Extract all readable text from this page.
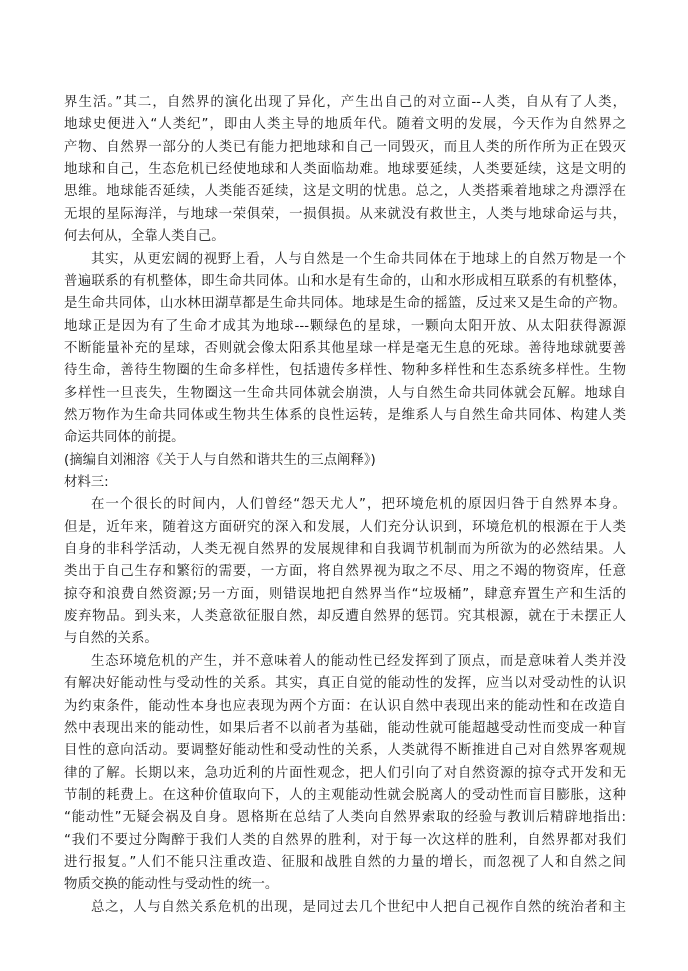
界生活。”其二，自然界的演化出现了异化，产生出自己的对立面--人类，自从有了人类，
地球史便进入“人类纪”，即由人类主导的地质年代。随着文明的发展，今天作为自然界之
产物、自然界一部分的人类已有能力把地球和自己一同毁灭，而且人类的所作所为正在毁灭
地球和自己，生态危机已经使地球和人类面临劫难。地球要延续，人类要延续，这是文明的
思维。地球能否延续，人类能否延续，这是文明的忧患。总之，人类搭乘着地球之舟漂浮在
无垠的星际海洋，与地球一荣俱荣，一损俱损。从来就没有救世主，人类与地球命运与共，
何去何从，全靠人类自己。
其实，从更宏阔的视野上看，人与自然是一个生命共同体在于地球上的自然万物是一个
普遍联系的有机整体，即生命共同体。山和水是有生命的，山和水形成相互联系的有机整体，
是生命共同体，山水林田湖草都是生命共同体。地球是生命的摇篮，反过来又是生命的产物。
地球正是因为有了生命才成其为地球---颗绿色的星球，一颗向太阳开放、从太阳获得源源
不断能量补充的星球，否则就会像太阳系其他星球一样是毫无生息的死球。善待地球就要善
待生命，善待生物圈的生命多样性，包括遗传多样性、物种多样性和生态系统多样性。生物
多样性一旦丧失，生物圈这一生命共同体就会崩溃，人与自然生命共同体就会瓦解。地球自
然万物作为生命共同体或生物共生体系的良性运转，是维系人与自然生命共同体、构建人类
命运共同体的前提。
(摘编自刘湘溶《关于人与自然和谐共生的三点阐释》)
材料三:
在一个很长的时间内，人们曾经“怨天尤人”，把环境危机的原因归咎于自然界本身。
但是，近年来，随着这方面研究的深入和发展，人们充分认识到，环境危机的根源在于人类
自身的非科学活动，人类无视自然界的发展规律和自我调节机制而为所欲为的必然结果。人
类出于自己生存和繁衍的需要，一方面，将自然界视为取之不尽、用之不竭的物资库，任意
掠夺和浪费自然资源;另一方面，则错误地把自然界当作“垃圾桶”，肆意弃置生产和生活的
废弃物品。到头来，人类意欲征服自然，却反遭自然界的惩罚。究其根源，就在于未摆正人
与自然的关系。
生态环境危机的产生，并不意味着人的能动性已经发挥到了顶点，而是意味着人类并没
有解决好能动性与受动性的关系。其实，真正自觉的能动性的发挥，应当以对受动性的认识
为约束条件，能动性本身也应表现为两个方面：在认识自然中表现出来的能动性和在改造自
然中表现出来的能动性，如果后者不以前者为基础，能动性就可能超越受动性而变成一种盲
目性的意向活动。要调整好能动性和受动性的关系，人类就得不断推进自己对自然界客观规
律的了解。长期以来，急功近利的片面性观念，把人们引向了对自然资源的掠夺式开发和无
节制的耗费上。在这种价值取向下，人的主观能动性就会脱离人的受动性而盲目膨胀，这种
“能动性”无疑会祸及自身。恩格斯在总结了人类向自然界索取的经验与教训后精辟地指出:
“我们不要过分陶醉于我们人类的自然界的胜利，对于每一次这样的胜利，自然界都对我们
进行报复。”人们不能只注重改造、征服和战胜自然的力量的增长，而忽视了人和自然之间
物质交换的能动性与受动性的统一。
总之，人与自然关系危机的出现，是同过去几个世纪中人把自己视作自然的统治者和主
